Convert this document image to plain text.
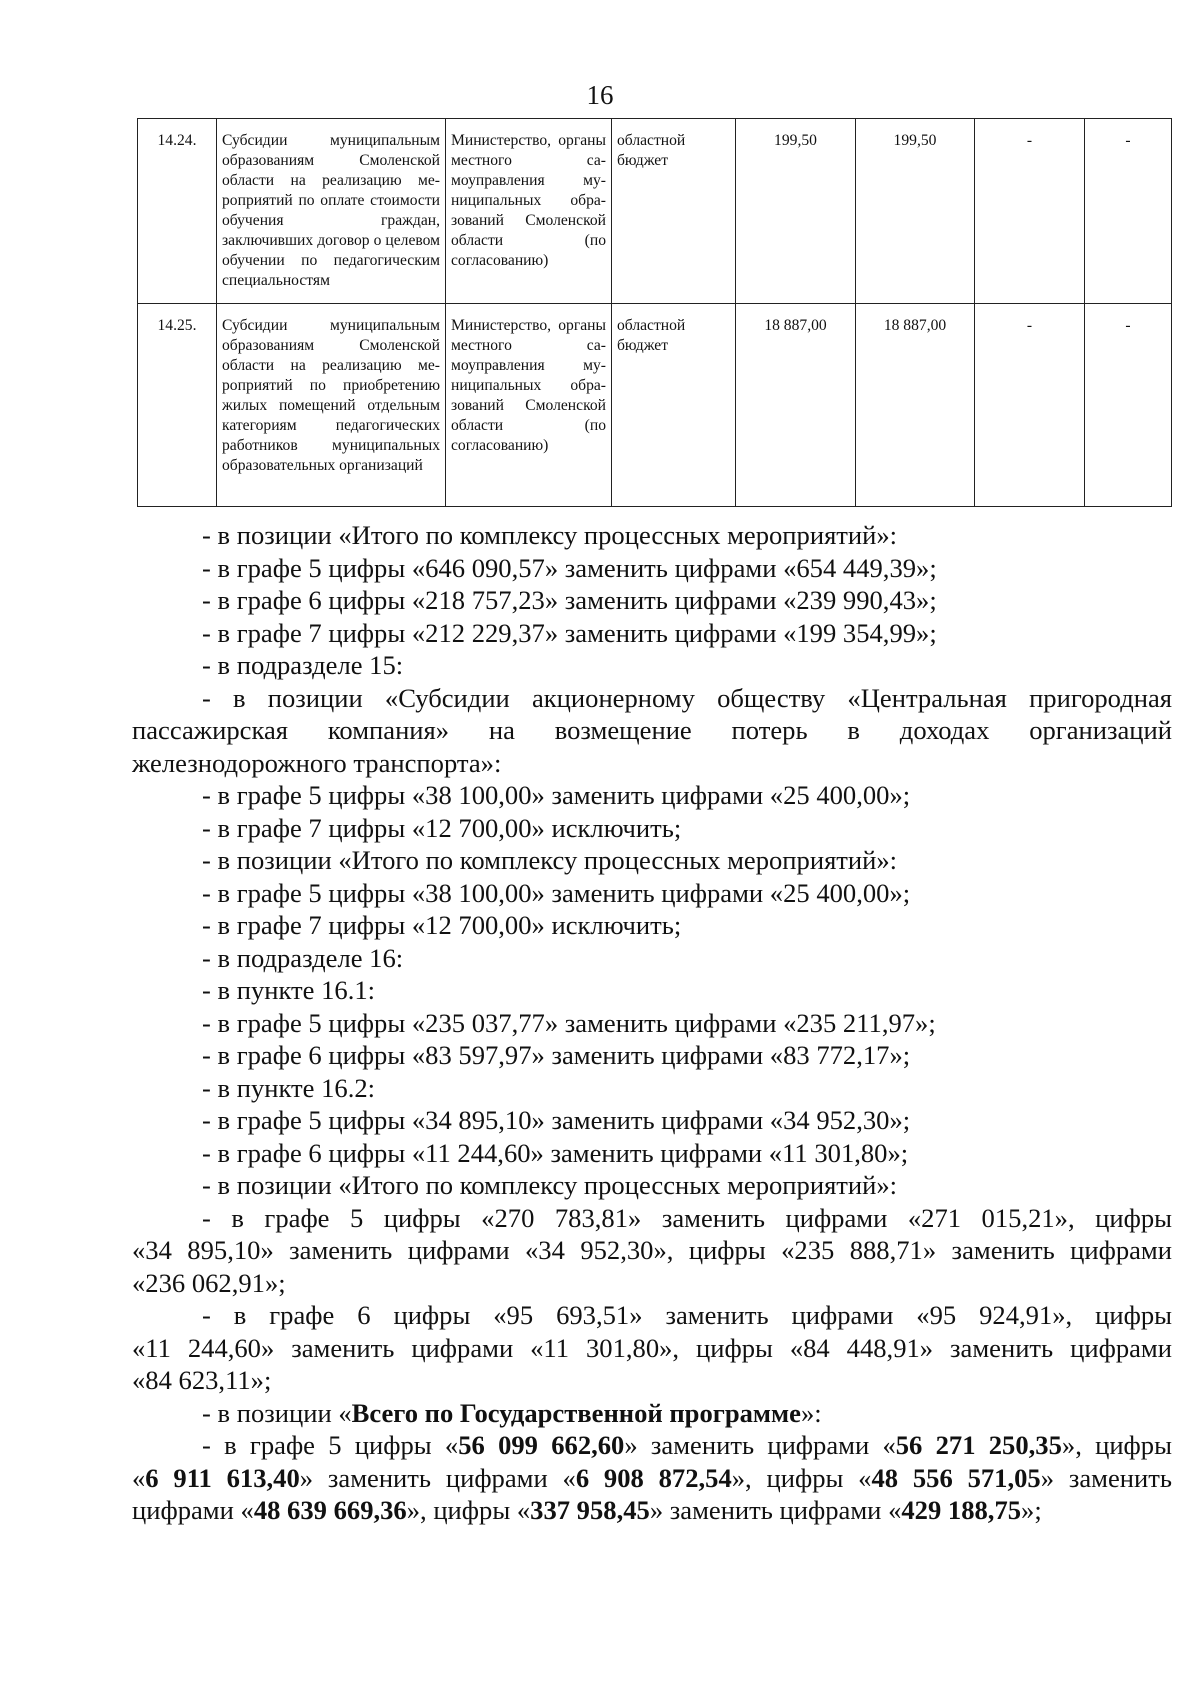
16
14.24.	Субсидии муниципальным образованиям Смоленской области на реализацию мероприятий по оплате стоимости обучения граждан, заключивших договор о целевом обучении по педагогическим специальностям	Министерство, органы местного самоуправления муниципальных образований Смоленской области (по согласованию)	областной бюджет	199,50	199,50	-	-
14.25.	Субсидии муниципальным образованиям Смоленской области на реализацию мероприятий по приобретению жилых помещений отдельным категориям педагогических работников муниципальных образовательных организаций	Министерство, органы местного самоуправления муниципальных образований Смоленской области (по согласованию)	областной бюджет	18 887,00	18 887,00	-	-
- в позиции «Итого по комплексу процессных мероприятий»:
- в графе 5 цифры «646 090,57» заменить цифрами «654 449,39»;
- в графе 6 цифры «218 757,23» заменить цифрами «239 990,43»;
- в графе 7 цифры «212 229,37» заменить цифрами «199 354,99»;
- в подразделе 15:
- в позиции «Субсидии акционерному обществу «Центральная пригородная
пассажирская компания» на возмещение потерь в доходах организаций
железнодорожного транспорта»:
- в графе 5 цифры «38 100,00» заменить цифрами «25 400,00»;
- в графе 7 цифры «12 700,00» исключить;
- в позиции «Итого по комплексу процессных мероприятий»:
- в графе 5 цифры «38 100,00» заменить цифрами «25 400,00»;
- в графе 7 цифры «12 700,00» исключить;
- в подразделе 16:
- в пункте 16.1:
- в графе 5 цифры «235 037,77» заменить цифрами «235 211,97»;
- в графе 6 цифры «83 597,97» заменить цифрами «83 772,17»;
- в пункте 16.2:
- в графе 5 цифры «34 895,10» заменить цифрами «34 952,30»;
- в графе 6 цифры «11 244,60» заменить цифрами «11 301,80»;
- в позиции «Итого по комплексу процессных мероприятий»:
- в графе 5 цифры «270 783,81» заменить цифрами «271 015,21», цифры
«34 895,10» заменить цифрами «34 952,30», цифры «235 888,71» заменить цифрами
«236 062,91»;
- в графе 6 цифры «95 693,51» заменить цифрами «95 924,91», цифры
«11 244,60» заменить цифрами «11 301,80», цифры «84 448,91» заменить цифрами
«84 623,11»;
- в позиции «Всего по Государственной программе»:
- в графе 5 цифры «56 099 662,60» заменить цифрами «56 271 250,35», цифры
«6 911 613,40» заменить цифрами «6 908 872,54», цифры «48 556 571,05» заменить
цифрами «48 639 669,36», цифры «337 958,45» заменить цифрами «429 188,75»;
